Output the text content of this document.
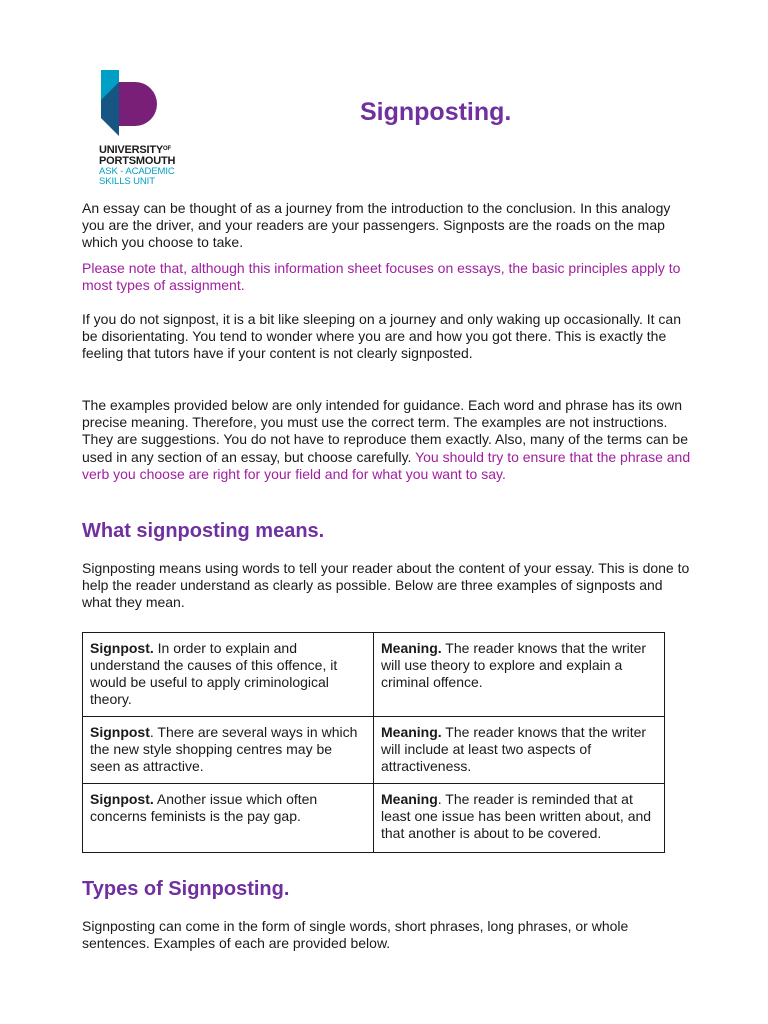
$UNIVERSITY^{OF}$
PORTSMOUTH
ASK - ACADEMIC
SKILLS UNIT
Signposting.

An essay can be thought of as a journey from the introduction to the conclusion. In this analogy you are the driver, and your readers are your passengers. Signposts are the roads on the map which you choose to take.

Please note that, although this information sheet focuses on essays, the basic principles apply to most types of assignment.

If you do not signpost, it is a bit like sleeping on a journey and only waking up occasionally. It can be disorientating. You tend to wonder where you are and how you got there. This is exactly the feeling that tutors have if your content is not clearly signposted.

The examples provided below are only intended for guidance. Each word and phrase has its own precise meaning. Therefore, you must use the correct term. The examples are not instructions. They are suggestions. You do not have to reproduce them exactly. Also, many of the terms can be used in any section of an essay, but choose carefully. You should try to ensure that the phrase and verb you choose are right for your field and for what you want to say.

What signposting means.

Signposting means using words to tell your reader about the content of your essay. This is done to help the reader understand as clearly as possible. Below are three examples of signposts and what they mean.

Signpost. In order to explain and understand the causes of this offence, it would be useful to apply criminological theory.	Meaning. The reader knows that the writer will use theory to explore and explain a criminal offence.
Signpost. There are several ways in which the new style shopping centres may be seen as attractive.	Meaning. The reader knows that the writer will include at least two aspects of attractiveness.
Signpost. Another issue which often concerns feminists is the pay gap.	Meaning. The reader is reminded that at least one issue has been written about, and that another is about to be covered.
Types of Signposting.

Signposting can come in the form of single words, short phrases, long phrases, or whole sentences. Examples of each are provided below.
